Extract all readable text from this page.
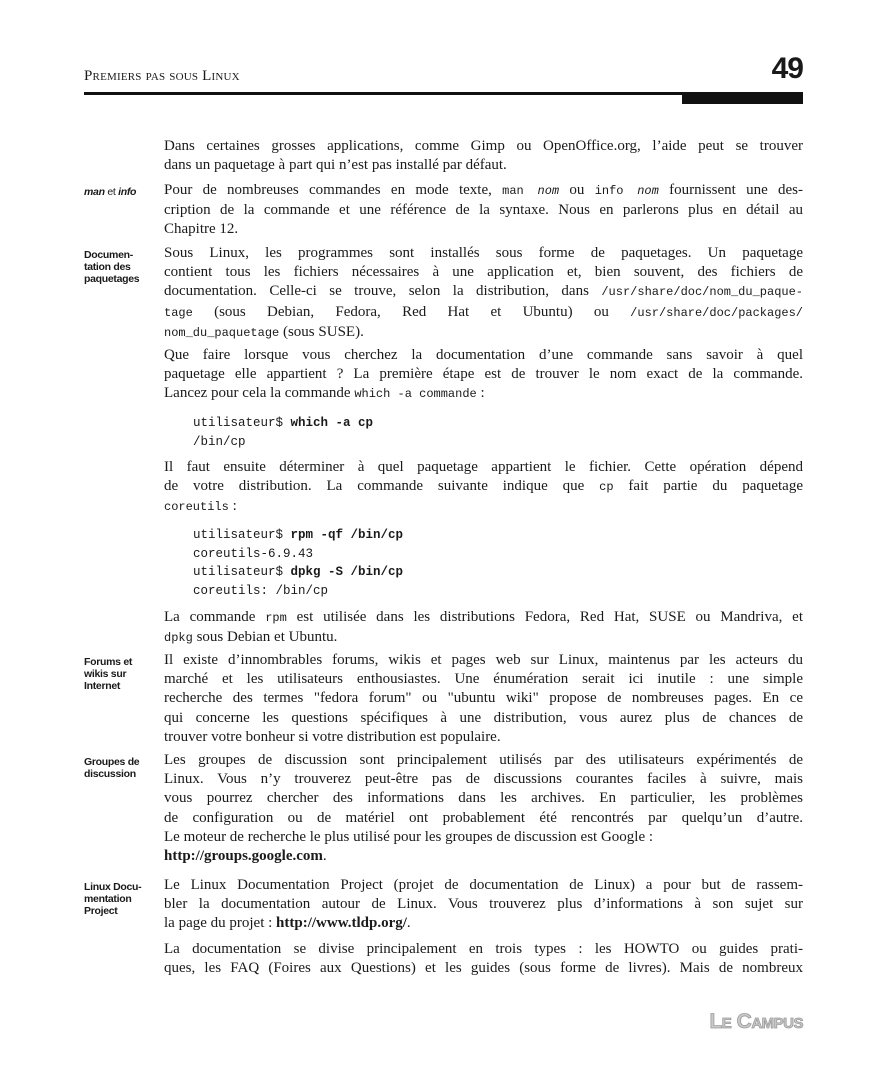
Premiers pas sous Linux	49
Dans certaines grosses applications, comme Gimp ou OpenOffice.org, l’aide peut se trouver
dans un paquetage à part qui n’est pas installé par défaut.
man et info	Pour de nombreuses commandes en mode texte, man nom ou info nom fournissent une des-
cription de la commande et une référence de la syntaxe. Nous en parlerons plus en détail au
Chapitre 12.
Documen-
tation des
paquetages
Sous Linux, les programmes sont installés sous forme de paquetages. Un paquetage
contient tous les fichiers nécessaires à une application et, bien souvent, des fichiers de
documentation. Celle-ci se trouve, selon la distribution, dans /usr/share/doc/nom_du_paque-
tage (sous Debian, Fedora, Red Hat et Ubuntu) ou /usr/share/doc/packages/
nom_du_paquetage (sous SUSE).
Que faire lorsque vous cherchez la documentation d’une commande sans savoir à quel
paquetage elle appartient ? La première étape est de trouver le nom exact de la commande.
Lancez pour cela la commande which -a commande :
utilisateur$ which -a cp
/bin/cp
Il faut ensuite déterminer à quel paquetage appartient le fichier. Cette opération dépend
de votre distribution. La commande suivante indique que cp fait partie du paquetage
coreutils :
utilisateur$ rpm -qf /bin/cp
coreutils-6.9.43
utilisateur$ dpkg -S /bin/cp
coreutils: /bin/cp
La commande rpm est utilisée dans les distributions Fedora, Red Hat, SUSE ou Mandriva, et
dpkg sous Debian et Ubuntu.
Forums et
wikis sur
Internet
Il existe d’innombrables forums, wikis et pages web sur Linux, maintenus par les acteurs du
marché et les utilisateurs enthousiastes. Une énumération serait ici inutile : une simple
recherche des termes "fedora forum" ou "ubuntu wiki" propose de nombreuses pages. En ce
qui concerne les questions spécifiques à une distribution, vous aurez plus de chances de
trouver votre bonheur si votre distribution est populaire.
Groupes de
discussion
Les groupes de discussion sont principalement utilisés par des utilisateurs expérimentés de
Linux. Vous n’y trouverez peut-être pas de discussions courantes faciles à suivre, mais
vous pourrez chercher des informations dans les archives. En particulier, les problèmes
de configuration ou de matériel ont probablement été rencontrés par quelqu’un d’autre.
Le moteur de recherche le plus utilisé pour les groupes de discussion est Google :
http://groups.google.com.
Linux Docu-
mentation
Project
Le Linux Documentation Project (projet de documentation de Linux) a pour but de rassem-
bler la documentation autour de Linux. Vous trouverez plus d’informations à son sujet sur
la page du projet : http://www.tldp.org/.
La documentation se divise principalement en trois types : les HOWTO ou guides prati-
ques, les FAQ (Foires aux Questions) et les guides (sous forme de livres). Mais de nombreux
Le Campus
